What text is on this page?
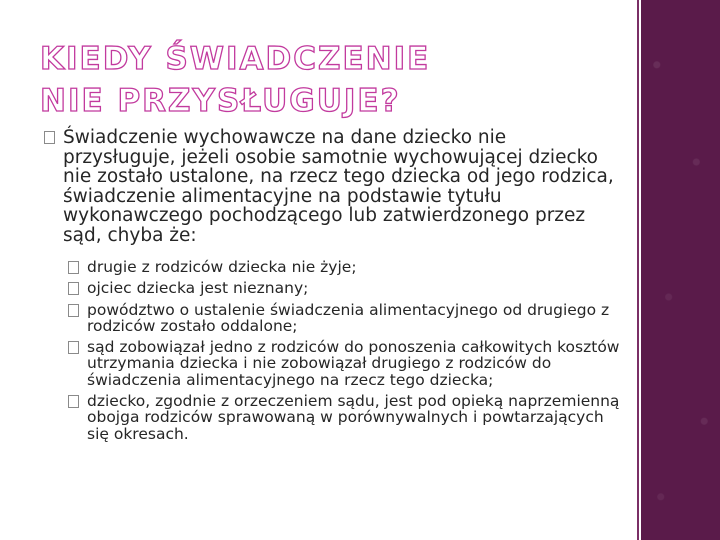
KIEDY ŚWIADCZENIE NIE PRZYSŁUGUJE?
Świadczenie wychowawcze na dane dziecko nie przysługuje, jeżeli osobie samotnie wychowującej dziecko nie zostało ustalone, na rzecz tego dziecka od jego rodzica, świadczenie alimentacyjne na podstawie tytułu wykonawczego pochodzącego lub zatwierdzonego przez sąd, chyba że:
drugie z rodziców dziecka nie żyje;
ojciec dziecka jest nieznany;
powództwo o ustalenie świadczenia alimentacyjnego od drugiego z rodziców zostało oddalone;
sąd zobowiązał jedno z rodziców do ponoszenia całkowitych kosztów utrzymania dziecka i nie zobowiązał drugiego z rodziców do świadczenia alimentacyjnego na rzecz tego dziecka;
dziecko, zgodnie z orzeczeniem sądu, jest pod opieką naprzemienną obojga rodziców sprawowaną w porównywalnych i powtarzających się okresach.
